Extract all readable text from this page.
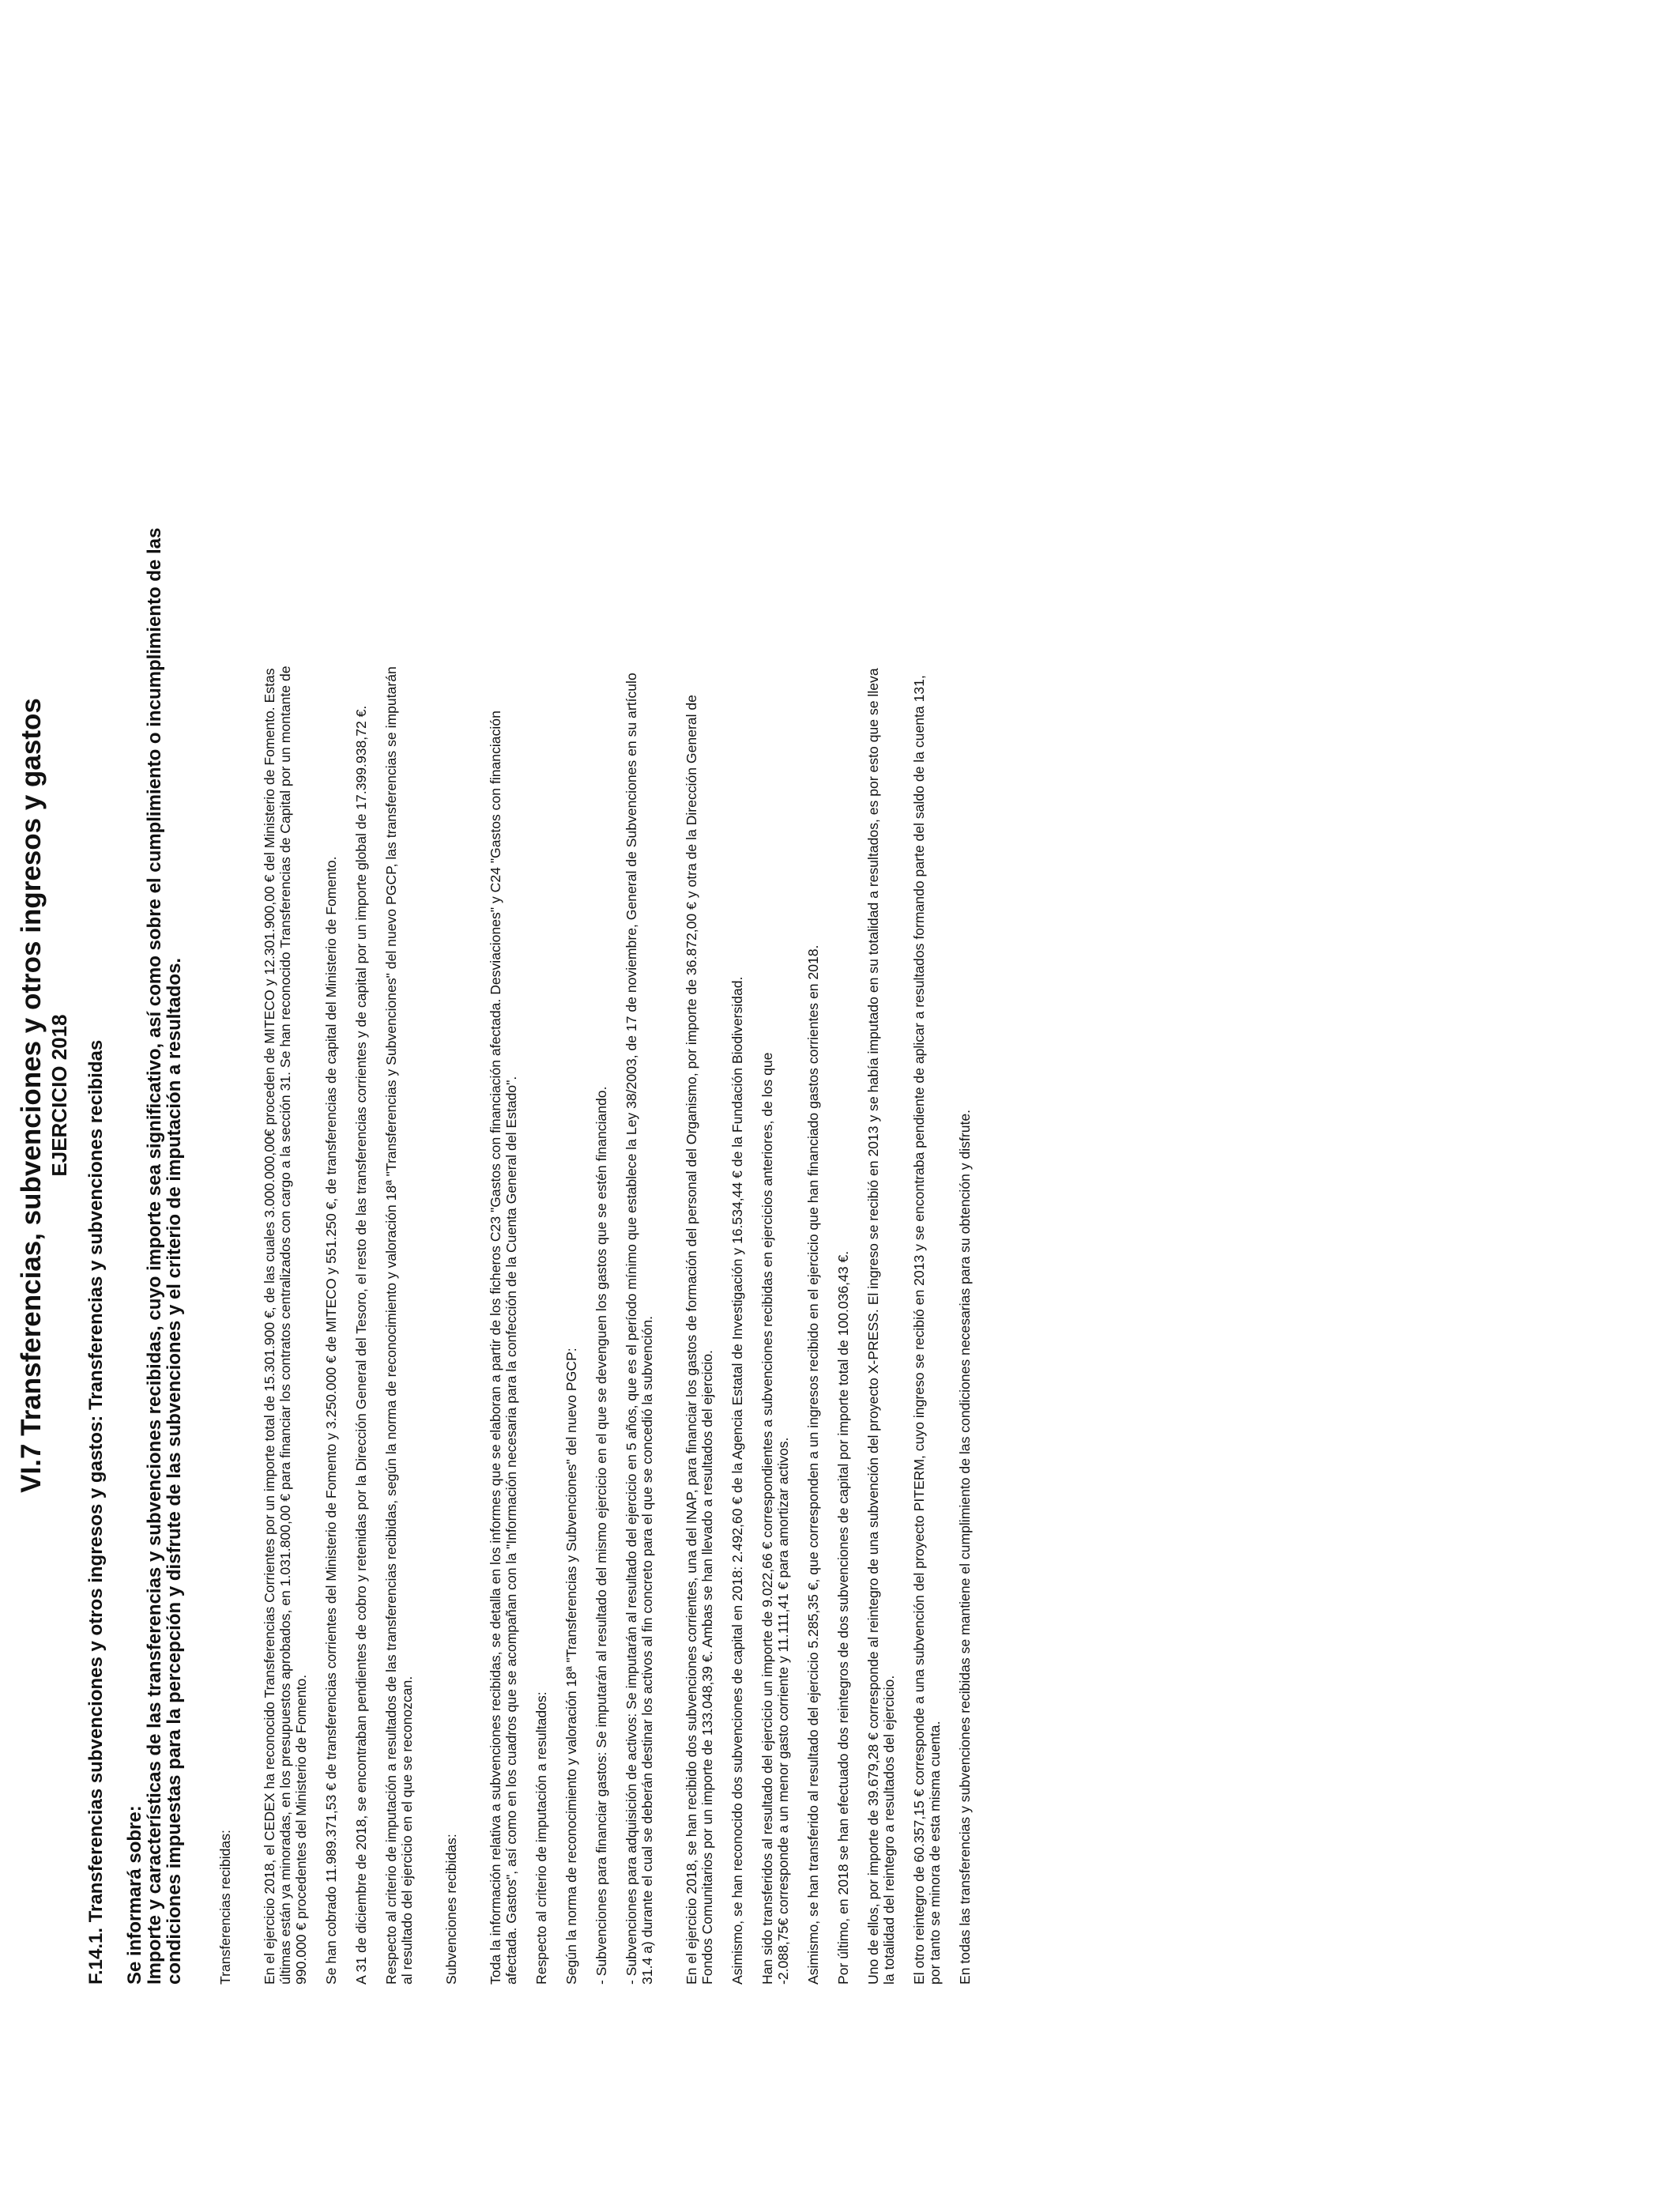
VI.7 Transferencias, subvenciones y otros ingresos y gastos EJERCICIO 2018 F.14.1. Transferencias subvenciones y otros ingresos y gastos: Transferencias y subvenciones recibidas Se informará sobre:
Importe y características de las transferencias y subvenciones recibidas, cuyo importe sea significativo, así como sobre el cumplimiento o incumplimiento de las
condiciones impuestas para la percepción y disfrute de las subvenciones y el criterio de imputación a resultados.
Transferencias recibidas: En el ejercicio 2018, el CEDEX ha reconocido Transferencias Corrientes por un importe total de 15.301.900 €, de las cuales 3.000.000,00€ proceden de MITECO y 12.301.900,00 € del Ministerio de Fomento. Estas
últimas están ya minoradas, en los presupuestos aprobados, en 1.031.800,00 € para financiar los contratos centralizados con cargo a la sección 31. Se han reconocido Transferencias de Capital por un montante de
990.000 € procedentes del Ministerio de Fomento. Se han cobrado 11.989.371,53 € de transferencias corrientes del Ministerio de Fomento y 3.250.000 € de MITECO y 551.250 €, de transferencias de capital del Ministerio de Fomento. A 31 de diciembre de 2018, se encontraban pendientes de cobro y retenidas por la Dirección General del Tesoro, el resto de las transferencias corrientes y de capital por un importe global de 17.399.938,72 €. Respecto al criterio de imputación a resultados de las transferencias recibidas, según la norma de reconocimiento y valoración 18ª "Transferencias y Subvenciones" del nuevo PGCP, las transferencias se imputarán
al resultado del ejercicio en el que se reconozcan.
Subvenciones recibidas: Toda la información relativa a subvenciones recibidas, se detalla en los informes que se elaboran a partir de los ficheros C23 "Gastos con financiación afectada. Desviaciones" y C24 "Gastos con financiación
afectada. Gastos", así como en los cuadros que se acompañan con la "Información necesaria para la confección de la Cuenta General del Estado".
Respecto al criterio de imputación a resultados: Según la norma de reconocimiento y valoración 18ª "Transferencias y Subvenciones" del nuevo PGCP: - Subvenciones para financiar gastos: Se imputarán al resultado del mismo ejercicio en el que se devenguen los gastos que se estén financiando. - Subvenciones para adquisición de activos: Se imputarán al resultado del ejercicio en 5 años, que es el período mínimo que establece la Ley 38/2003, de 17 de noviembre, General de Subvenciones en su artículo
31.4 a) durante el cual se deberán destinar los activos al fin concreto para el que se concedió la subvención.
En el ejercicio 2018, se han recibido dos subvenciones corrientes, una del INAP, para financiar los gastos de formación del personal del Organismo, por importe de 36.872,00 € y otra de la Dirección General de
Fondos Comunitarios por un importe de 133.048,39 €. Ambas se han llevado a resultados del ejercicio. Asimismo, se han reconocido dos subvenciones de capital en 2018: 2.492,60 € de la Agencia Estatal de Investigación y 16.534,44 € de la Fundación Biodiversidad. Han sido transferidos al resultado del ejercicio un importe de 9.022,66 € correspondientes a subvenciones recibidas en ejercicios anteriores, de los que
-2.088,75€ corresponde a un menor gasto corriente y 11.111,41 € para amortizar activos. Asimismo, se han transferido al resultado del ejercicio 5.285,35 €, que corresponden a un ingresos recibido en el ejercicio que han financiado gastos corrientes en 2018. Por último, en 2018 se han efectuado dos reintegros de dos subvenciones de capital por importe total de 100.036,43 €. Uno de ellos, por importe de 39.679,28 € corresponde al reintegro de una subvención del proyecto X-PRESS. El ingreso se recibió en 2013 y se había imputado en su totalidad a resultados, es por esto que se lleva
la totalidad del reintegro a resultados del ejercicio.
El otro reintegro de 60.357,15 € corresponde a una subvención del proyecto PITERM, cuyo ingreso se recibió en 2013 y se encontraba pendiente de aplicar a resultados formando parte del saldo de la cuenta 131,
por tanto se minora de esta misma cuenta. En todas las transferencias y subvenciones recibidas se mantiene el cumplimiento de las condiciones necesarias para su obtención y disfrute.
